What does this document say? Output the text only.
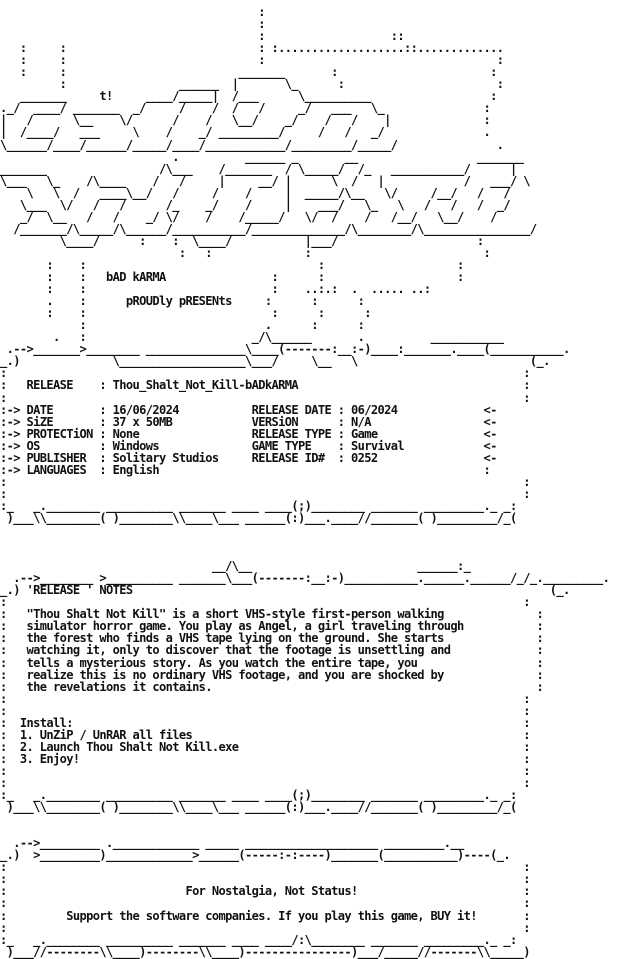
:
:
:                   ::
:     :                             : :...................::.............
:     :                             :                                   :
:     :                          _______       :                       :
:                 ______  |       \_      :                       :
_______     t!     ____/_____|  /___      \__________                  :
._/  ____/ _______  _/     /    /  /   /     _/   ___   \_               :
|   /      \__    \/      /    /   \__/    _/    /   /    |              :
|  /____/   ___     \    /    _/ _________/     /   /   _/               .
\______/____/______/_____/____/____________/_________/_____/               .
.          ______ _       __                  _______
_______                 /\___    /_______  / \_____/  /_   ___________/      |
\___   \_    /\____    /   /     |     __/ |      \  /   |            /   ___/ \
\   \  /   ____\__/   /     /    /     |  _____/\__   \/     /__/   /   /
\___  \/   /   /      /_    _/    /     |    ___/   \_   \   /   /   /  _/
_/  \__   /   /    _/ \/    /    /_____/   \/  /    /   /__/   \__/    /
/_______/\_____/\______/___________/______________/\________/\________________/
\____/      :    :  \____/           |___/                     :
:   :              :                          :
:    :                                   :                    :
:    :   bAD kARMA                :      :                    :
:    :                            :    ..:.:  .  ..... ..:
.    :      pROUDly pRESENts     :      :      :
:    :                            :      :      :
:                           .      :      :
.   :                         _/\______       .          ___________
.-->_______>________ _______________\____(-------:__:-)____:_______.____(___________.
_.)              \___________________\___/     \__   \                          (_.
:                                                                              :
:   RELEASE    : Thou_Shalt_Not_Kill-bADkARMA                                  :
:                                                                              :
:-> DATE       : 16/06/2024           RELEASE DATE : 06/2024             <-
:-> SiZE       : 37 x 50MB            VERSiON      : N/A                 <-
:-> PROTECTiON : None                 RELEASE TYPE : Game                <-
:-> OS         : Windows              GAME TYPE    : Survival            <-
:-> PUBLISHER  : Solitary Studios     RELEASE ID#  : 0252                <-
:-> LANGUAGES  : English                                                 :
:                                                                              :
:                                                                              :
:_   _.________ __________ _______ ____ ____(;)________ _______ _________._ _:
)___\\________( )________\\____\___ ______(:)___.____//_______( )_________/_(

__/\__                         ______:_
.-->________ >__________ _______\___(-------:__:-)___________.______.______/_/_._________.
_.) 'RELEASE ' NOTES                                                               (_.
:                                                                              :
:   "Thou Shalt Not Kill" is a short VHS-style first-person walking              :
:   simulator horror game. You play as Angel, a girl traveling through           :
:   the forest who finds a VHS tape lying on the ground. She starts              :
:   watching it, only to discover that the footage is unsettling and             :
:   tells a mysterious story. As you watch the entire tape, you                  :
:   realize this is no ordinary VHS footage, and you are shocked by              :
:   the revelations it contains.                                                 :
:                                                                              :
:                                                                              :
:  Install:                                                                    :
:  1. UnZiP / UnRAR all files                                                  :
:  2. Launch Thou Shalt Not Kill.exe                                           :
:  3. Enjoy!                                                                   :
:                                                                              :
:                                                                              :
:_   _.________ __________ _______ ____ ____(;)________ _______ _________._ _:
)___\\________( )________\\____\___ ______(:)___.____//_______( )_________/_(

.-->_________ ._____________ _____ ____________________ _________.__
_.)  >_________)_____________>______(-----:-:----)_______(___________)----(_.
:                                                                              :
:                                                                              :
:                           For Nostalgia, Not Status!                         :
:                                                                              :
:         Support the software companies. If you play this game, BUY it!       :
:                                                                              :
:_   _.________ __________ _______ ____ ____/:\________ _______ _________._ _:
)___//--------\\____)--------\\____)----------------)___/_____//-------\\_____)
